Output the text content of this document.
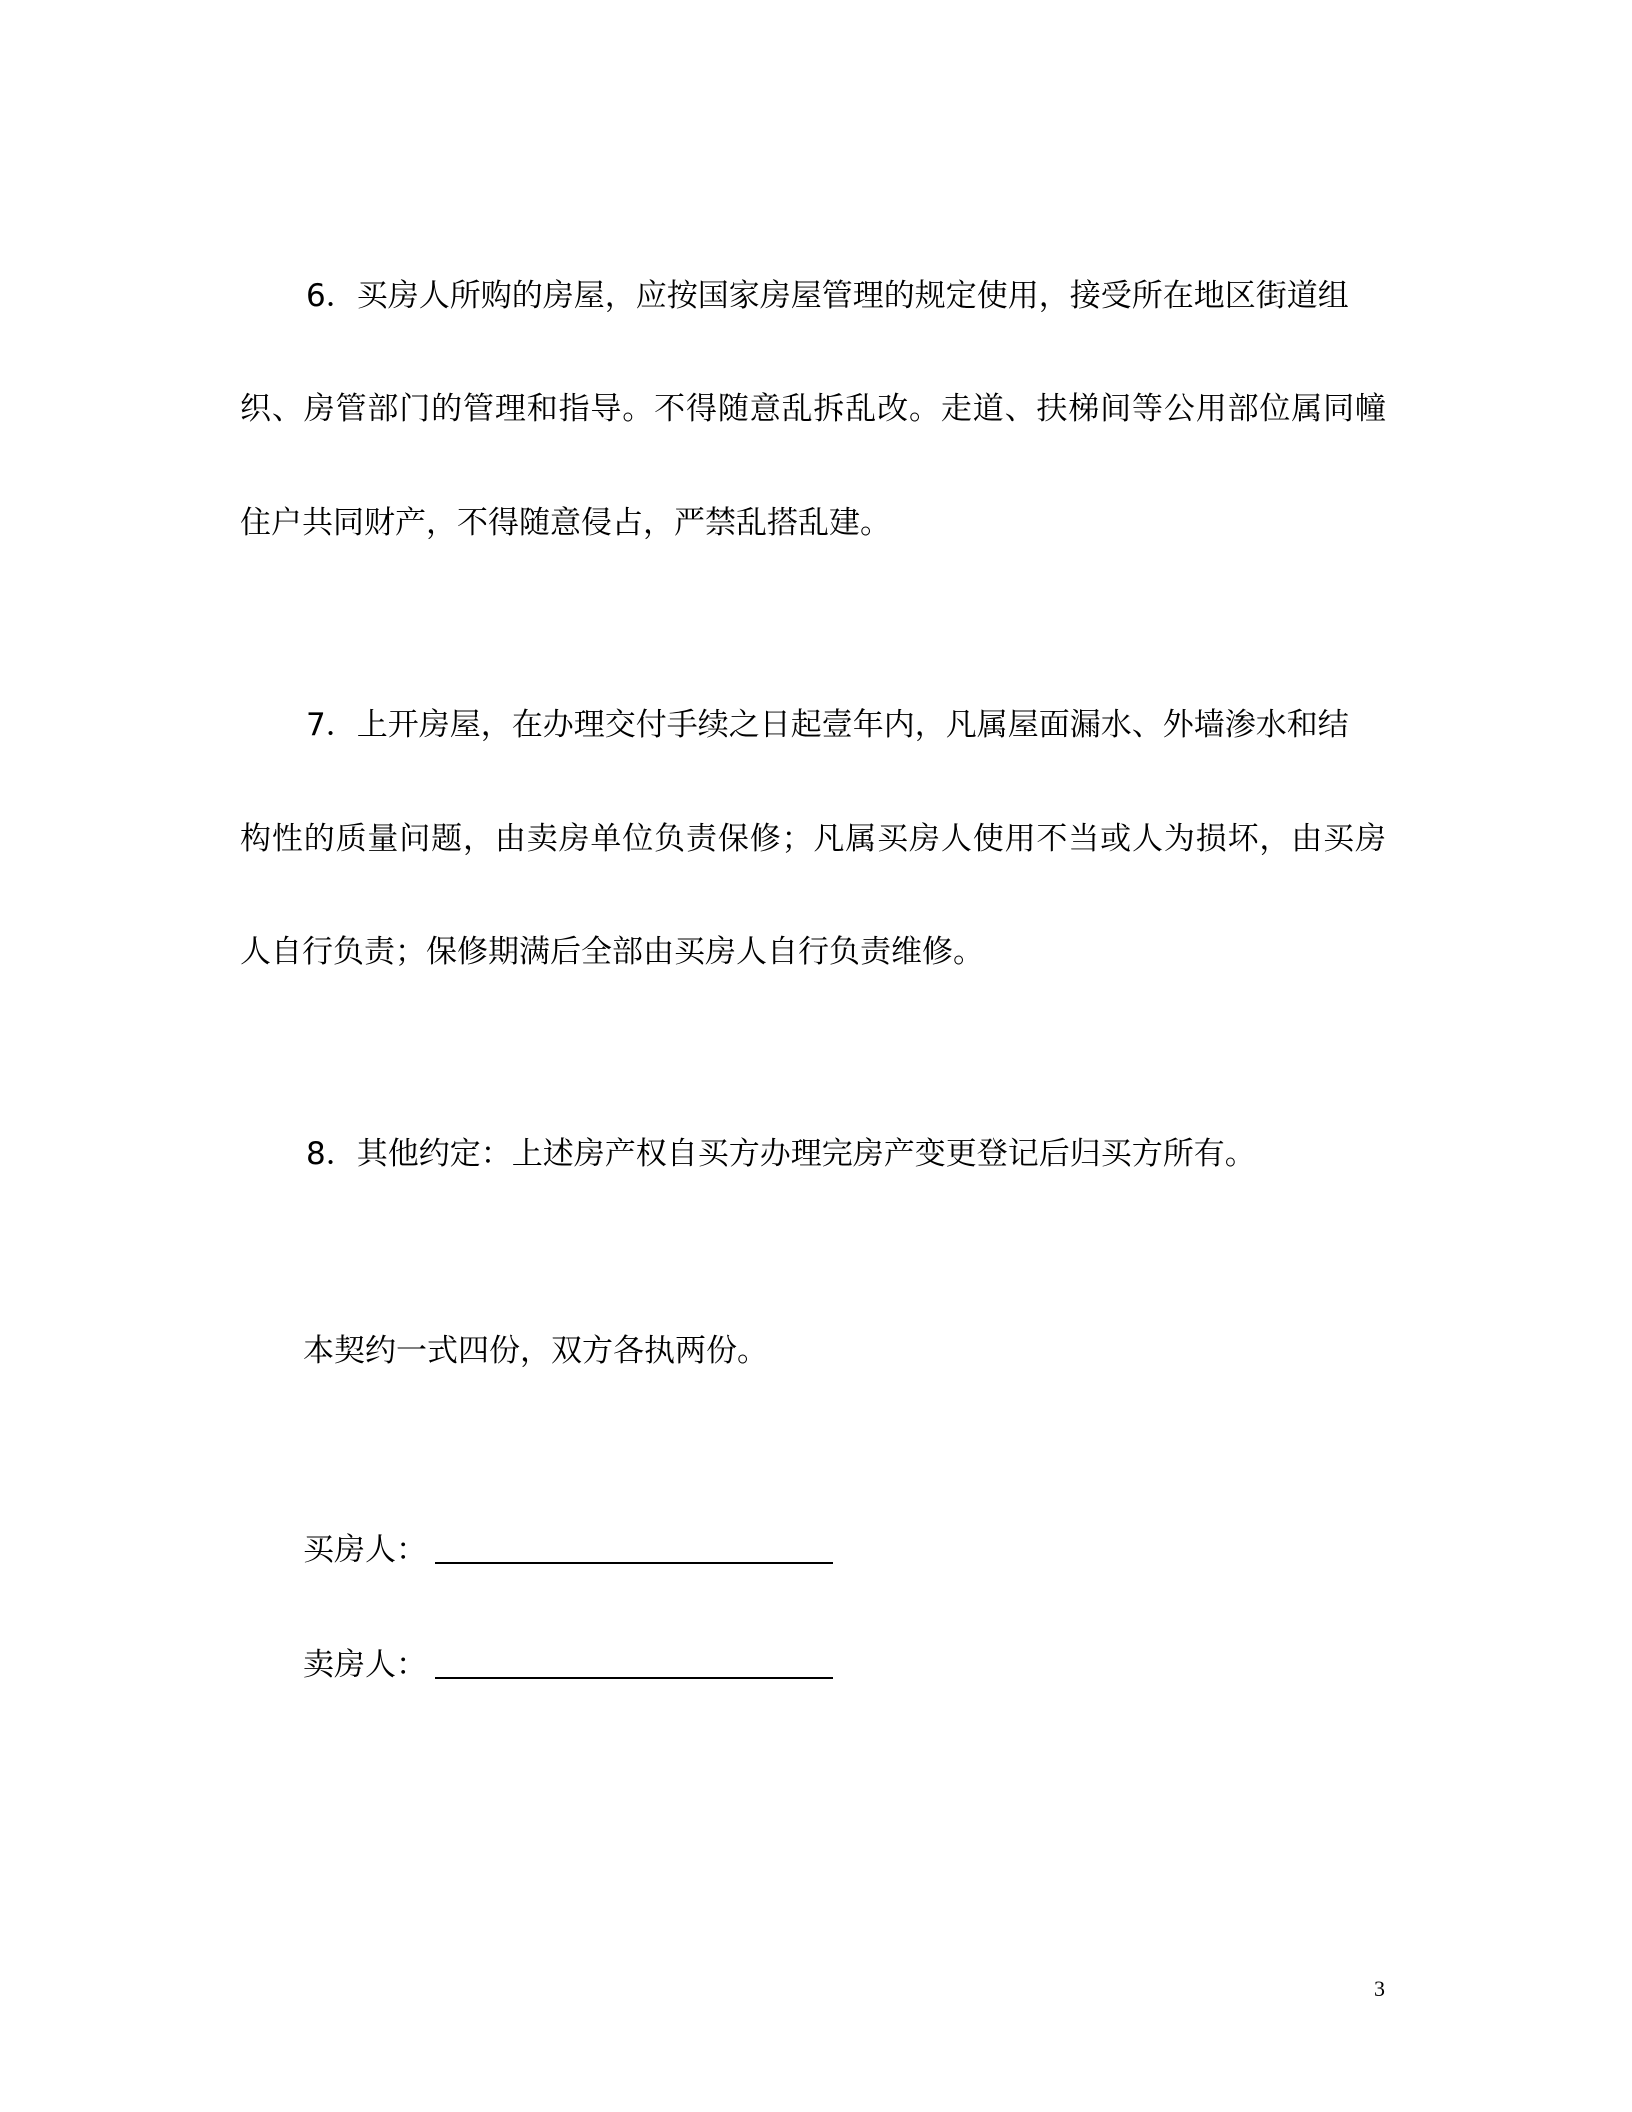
6．买房人所购的房屋，应按国家房屋管理的规定使用，接受所在地区街道组
织、房管部门的管理和指导。不得随意乱拆乱改。走道、扶梯间等公用部位属同幢
住户共同财产，不得随意侵占，严禁乱搭乱建。
7．上开房屋，在办理交付手续之日起壹年内，凡属屋面漏水、外墙渗水和结
构性的质量问题，由卖房单位负责保修；凡属买房人使用不当或人为损坏，由买房
人自行负责；保修期满后全部由买房人自行负责维修。
8．其他约定：上述房产权自买方办理完房产变更登记后归买方所有。
本契约一式四份，双方各执两份。
买房人：
卖房人：
3
